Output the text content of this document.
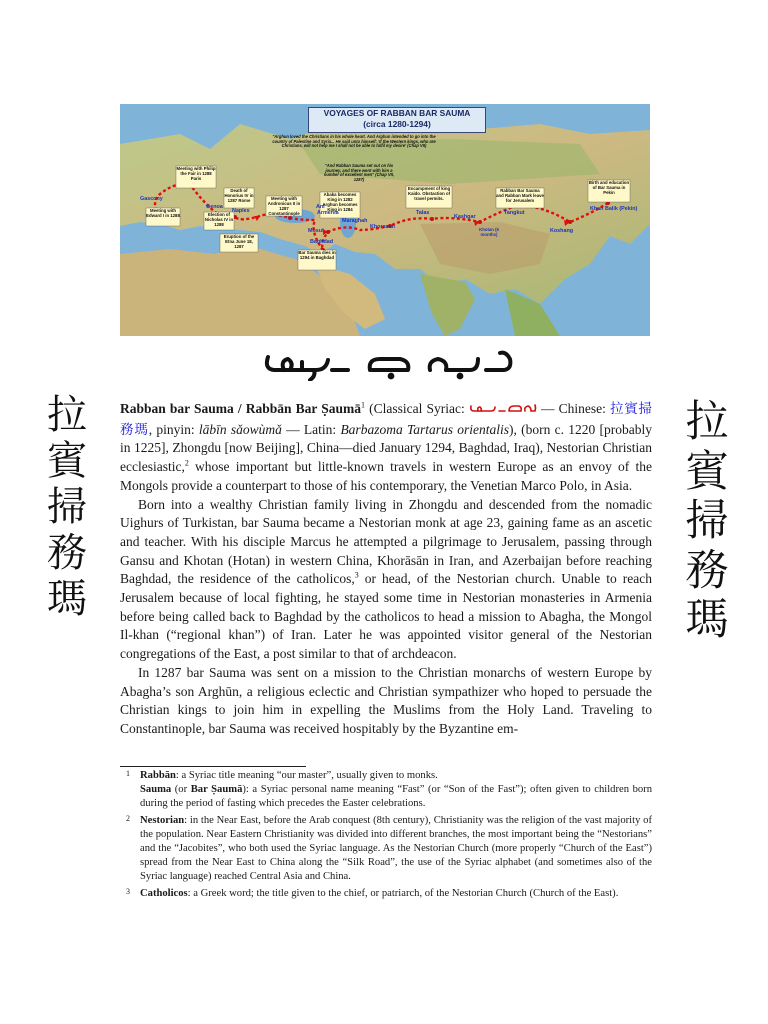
VOYAGES OF RABBAN BAR SAUMA
(circa 1280-1294)
"Arghun loved the Christians in his whole heart. And Arghun intended to go into the country of Palestine and Syria... He said unto himself: 'If the Western kings, who are Christians, will not help me I shall not be able to fulfil my desire' (Chap VII)
"And Rabban Sauma set out on his journey, and there went with him a number of excellent men" (Chap VII, 1287)
Meeting with Philip the Fair in 1288 Paris
Death of Honorius IV in 1287 Rome	Meeting with Andronicus II in 1287 Constantinople
Meeting with Edward I in 1288	Election of Nicholas IV in 1288
Eruption of the Etna June 18, 1287
Abaka becomes King in 1282 Arghun becomes King in 1284
Encampment of king Kaido. Obstaction of travel permits.
Rabban Bar Sauma and Rabban Mark leave for Jerusalem
Birth and education of Bar Sauma in Pekin
Bar Sauma dies in 1294 in Baghdad
Khotan (6 months)
Gascony
Genoa
Naples
Ani
Armenia
Maraghah
Baghdad
Mosul
Khorasan
Talas
Kashgar
Tangkut
Khan Balik (Pekin)
Koshang
拉
賓
掃
務
瑪
拉
賓
掃
務
瑪

Rabban bar Sauma / Rabbān Bar Ṣaumā$^1$ (Classical Syriac:	— Chinese: 拉賓掃務瑪, pinyin: lābīn sǎowùmǎ — Latin: Barbazoma Tartarus orientalis), (born c. 1220 [probably in 1225], Zhongdu [now Beijing], China—died January 1294, Baghdad, Iraq), Nestorian Christian ecclesiastic,$^2$ whose important but little-known travels in western Europe as an envoy of the Mongols provide a counterpart to those of his contemporary, the Venetian Marco Polo, in Asia.

Born into a wealthy Christian family living in Zhongdu and descended from the nomadic Uighurs of Turkistan, bar Sauma became a Nestorian monk at age 23, gaining fame as an ascetic and teacher. With his disciple Marcus he attempted a pilgrimage to Jerusalem, passing through Gansu and Khotan (Hotan) in western China, Khorāsān in Iran, and Azerbaijan before reaching Baghdad, the residence of the catholicos,$^3$ or head, of the Nestorian church. Unable to reach Jerusalem because of local fighting, he stayed some time in Nestorian monasteries in Armenia before being called back to Baghdad by the catholicos to head a mission to Abagha, the Mongol Il-khan (“regional khan”) of Iran. Later he was appointed visitor general of the Nestorian congregations of the East, a post similar to that of archdeacon.

In 1287 bar Sauma was sent on a mission to the Christian monarchs of western Europe by Abagha’s son Arghūn, a religious eclectic and Christian sympathizer who hoped to persuade the Christian kings to join him in expelling the Muslims from the Holy Land. Traveling to Constantinople, bar Sauma was received hospitably by the Byzantine em-

1 Rabbān: a Syriac title meaning “our master”, usually given to monks.
Sauma (or Bar Ṣaumā): a Syriac personal name meaning “Fast” (or “Son of the Fast”); often given to children born during the period of fasting which precedes the Easter celebrations.
2 Nestorian: in the Near East, before the Arab conquest (8th century), Christianity was the religion of the vast majority of the population. Near Eastern Christianity was divided into different branches, the most important being the “Nestorians” and the “Jacobites”, who both used the Syriac language. As the Nestorian Church (more properly “Church of the East”) spread from the Near East to China along the “Silk Road”, the use of the Syriac alphabet (and sometimes also of the Syriac language) reached Central Asia and China.
3 Catholicos: a Greek word; the title given to the chief, or patriarch, of the Nestorian Church (Church of the East).
